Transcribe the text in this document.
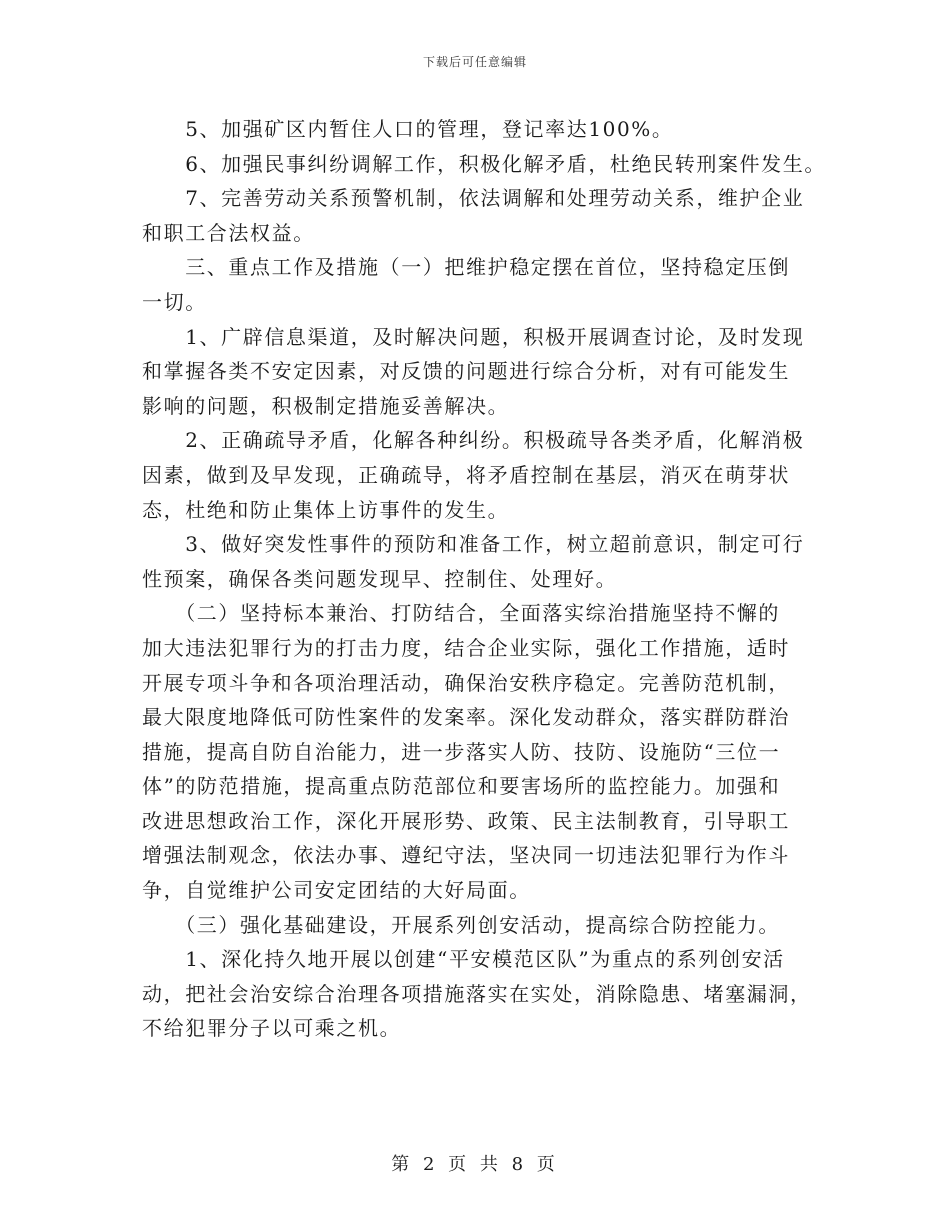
下载后可任意编辑
　　5、加强矿区内暂住人口的管理，登记率达100%。
　　6、加强民事纠纷调解工作，积极化解矛盾，杜绝民转刑案件发生。
　　7、完善劳动关系预警机制，依法调解和处理劳动关系，维护企业
和职工合法权益。
　　三、重点工作及措施（一）把维护稳定摆在首位，坚持稳定压倒
一切。
　　1、广辟信息渠道，及时解决问题，积极开展调查讨论，及时发现
和掌握各类不安定因素，对反馈的问题进行综合分析，对有可能发生
影响的问题，积极制定措施妥善解决。
　　2、正确疏导矛盾，化解各种纠纷。积极疏导各类矛盾，化解消极
因素，做到及早发现，正确疏导，将矛盾控制在基层，消灭在萌芽状
态，杜绝和防止集体上访事件的发生。
　　3、做好突发性事件的预防和准备工作，树立超前意识，制定可行
性预案，确保各类问题发现早、控制住、处理好。
　　（二）坚持标本兼治、打防结合，全面落实综治措施坚持不懈的
加大违法犯罪行为的打击力度，结合企业实际，强化工作措施，适时
开展专项斗争和各项治理活动，确保治安秩序稳定。完善防范机制，
最大限度地降低可防性案件的发案率。深化发动群众，落实群防群治
措施，提高自防自治能力，进一步落实人防、技防、设施防“三位一
体”的防范措施，提高重点防范部位和要害场所的监控能力。加强和
改进思想政治工作，深化开展形势、政策、民主法制教育，引导职工
增强法制观念，依法办事、遵纪守法，坚决同一切违法犯罪行为作斗
争，自觉维护公司安定团结的大好局面。
　　（三）强化基础建设，开展系列创安活动，提高综合防控能力。
　　1、深化持久地开展以创建“平安模范区队”为重点的系列创安活
动，把社会治安综合治理各项措施落实在实处，消除隐患、堵塞漏洞，
不给犯罪分子以可乘之机。
第 2 页 共 8 页
